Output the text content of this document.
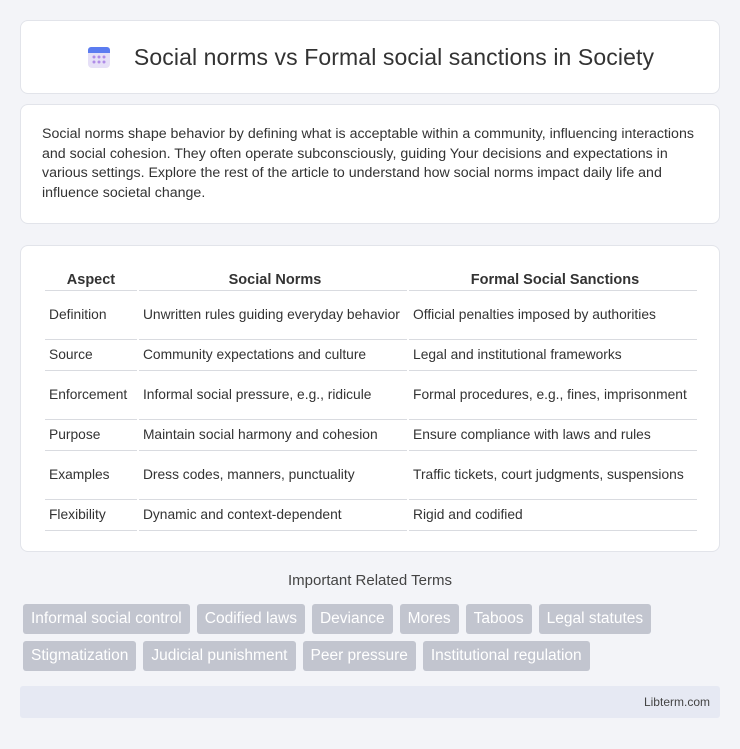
Social norms vs Formal social sanctions in Society

Social norms shape behavior by defining what is acceptable within a community, influencing interactions and social cohesion. They often operate subconsciously, guiding Your decisions and expectations in various settings. Explore the rest of the article to understand how social norms impact daily life and influence societal change.

Aspect	Social Norms	Formal Social Sanctions
Definition	Unwritten rules guiding everyday behavior	Official penalties imposed by authorities
Source	Community expectations and culture	Legal and institutional frameworks
Enforcement	Informal social pressure, e.g., ridicule	Formal procedures, e.g., fines, imprisonment
Purpose	Maintain social harmony and cohesion	Ensure compliance with laws and rules
Examples	Dress codes, manners, punctuality	Traffic tickets, court judgments, suspensions
Flexibility	Dynamic and context-dependent	Rigid and codified
Important Related Terms
Informal social control	Codified laws	Deviance	Mores	Taboos	Legal statutes
Stigmatization	Judicial punishment	Peer pressure	Institutional regulation
Libterm.com
